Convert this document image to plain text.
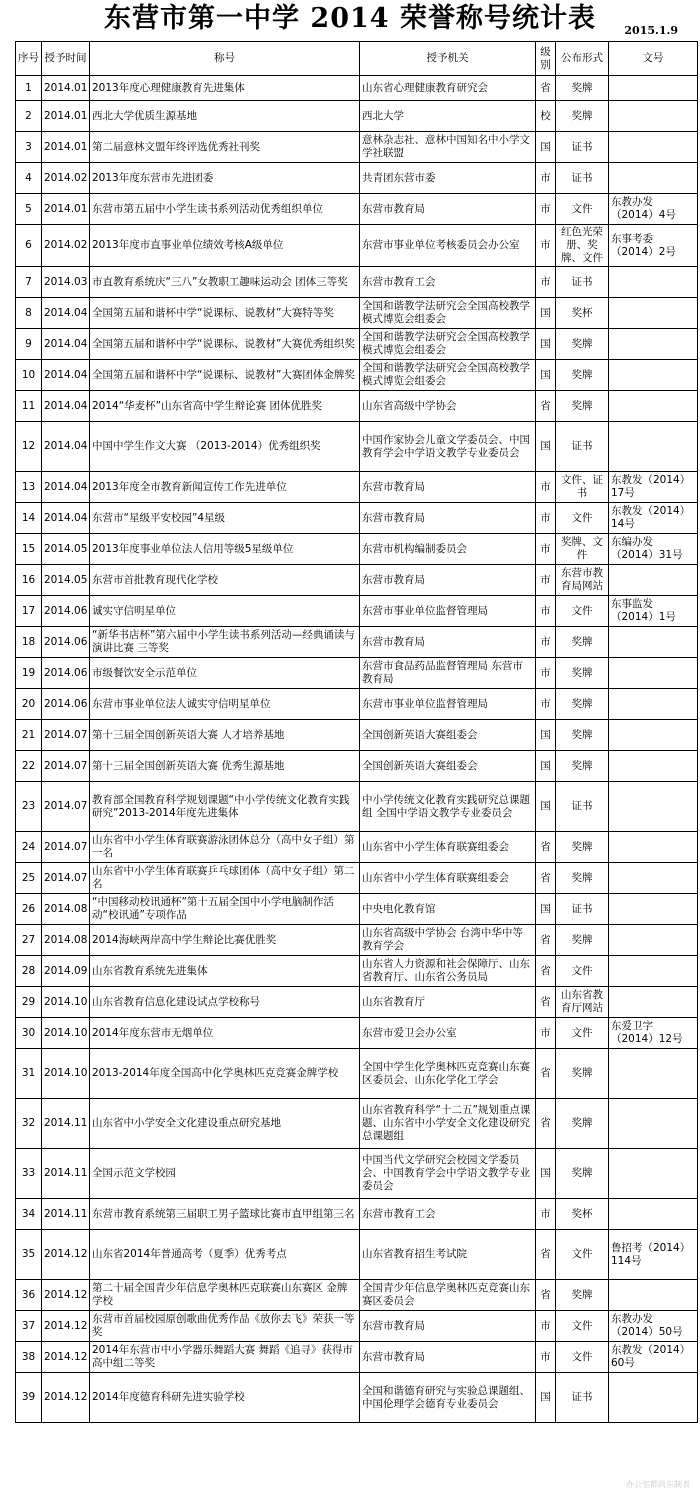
东营市第一中学 2014 荣誉称号统计表	2015.1.9
序号	授予时间	称号	授予机关	级别	公布形式	文号
1	2014.01	2013年度心理健康教育先进集体	山东省心理健康教育研究会	省	奖牌	
2	2014.01	西北大学优质生源基地	西北大学	校	奖牌	
3	2014.01	第二届意林文盟年终评选优秀社刊奖	意林杂志社、意林中国知名中小学文学社联盟	国	证书	
4	2014.02	2013年度东营市先进团委	共青团东营市委	市	证书	
5	2014.01	东营市第五届中小学生读书系列活动优秀组织单位	东营市教育局	市	文件	东教办发（2014）4号
6	2014.02	2013年度市直事业单位绩效考核A级单位	东营市事业单位考核委员会办公室	市	红色光荣册、奖牌、文件	东事考委（2014）2号
7	2014.03	市直教育系统庆“三八”女教职工趣味运动会 团体三等奖	东营市教育工会	市	证书	
8	2014.04	全国第五届和谐杯中学“说课标、说教材”大赛特等奖	全国和谐教学法研究会全国高校教学模式博览会组委会	国	奖杯	
9	2014.04	全国第五届和谐杯中学“说课标、说教材”大赛优秀组织奖	全国和谐教学法研究会全国高校教学模式博览会组委会	国	奖牌	
10	2014.04	全国第五届和谐杯中学“说课标、说教材”大赛团体金牌奖	全国和谐教学法研究会全国高校教学模式博览会组委会	国	奖牌	
11	2014.04	2014“华麦杯”山东省高中学生辩论赛 团体优胜奖	山东省高级中学协会	省	奖牌	
12	2014.04	中国中学生作文大赛 （2013-2014）优秀组织奖	中国作家协会儿童文学委员会、中国教育学会中学语文教学专业委员会	国	证书	
13	2014.04	2013年度全市教育新闻宣传工作先进单位	东营市教育局	市	文件、证书	东教发（2014）17号
14	2014.04	东营市“星级平安校园”4星级	东营市教育局	市	文件	东教发（2014）14号
15	2014.05	2013年度事业单位法人信用等级5星级单位	东营市机构编制委员会	市	奖牌、文件	东编办发（2014）31号
16	2014.05	东营市首批教育现代化学校	东营市教育局	市	东营市教育局网站	
17	2014.06	诚实守信明星单位	东营市事业单位监督管理局	市	文件	东事监发（2014）1号
18	2014.06	“新华书店杯”第六届中小学生读书系列活动—经典诵读与演讲比赛 三等奖	东营市教育局	市	奖牌	
19	2014.06	市级餐饮安全示范单位	东营市食品药品监督管理局 东营市教育局	市	奖牌	
20	2014.06	东营市事业单位法人诚实守信明星单位	东营市事业单位监督管理局	市	奖牌	
21	2014.07	第十三届全国创新英语大赛 人才培养基地	全国创新英语大赛组委会	国	奖牌	
22	2014.07	第十三届全国创新英语大赛 优秀生源基地	全国创新英语大赛组委会	国	奖牌	
23	2014.07	教育部全国教育科学规划课题“中小学传统文化教育实践研究”2013-2014年度先进集体	中小学传统文化教育实践研究总课题组 全国中学语文教学专业委员会	国	证书	
24	2014.07	山东省中小学生体育联赛游泳团体总分（高中女子组）第一名	山东省中小学生体育联赛组委会	省	奖牌	
25	2014.07	山东省中小学生体育联赛乒乓球团体（高中女子组）第二名	山东省中小学生体育联赛组委会	省	奖牌	
26	2014.08	“中国移动校讯通杯”第十五届全国中小学电脑制作活动“校讯通”专项作品	中央电化教育馆	国	证书	
27	2014.08	2014海峡两岸高中学生辩论比赛优胜奖	山东省高级中学协会 台湾中华中等教育学会	省	奖牌	
28	2014.09	山东省教育系统先进集体	山东省人力资源和社会保障厅、山东省教育厅、山东省公务员局	省	文件	
29	2014.10	山东省教育信息化建设试点学校称号	山东省教育厅	省	山东省教育厅网站	
30	2014.10	2014年度东营市无烟单位	东营市爱卫会办公室	市	文件	东爱卫字（2014）12号
31	2014.10	2013-2014年度全国高中化学奥林匹克竞赛金牌学校	全国中学生化学奥林匹克竞赛山东赛区委员会、山东化学化工学会	省	奖牌	
32	2014.11	山东省中小学安全文化建设重点研究基地	山东省教育科学“十二五”规划重点课题、山东省中小学安全文化建设研究总课题组	省	奖牌	
33	2014.11	全国示范文学校园	中国当代文学研究会校园文学委员会、中国教育学会中学语文教学专业委员会	国	奖牌	
34	2014.11	东营市教育系统第三届职工男子篮球比赛市直甲组第三名	东营市教育工会	市	奖杯	
35	2014.12	山东省2014年普通高考（夏季）优秀考点	山东省教育招生考试院	省	文件	鲁招考（2014）114号
36	2014.12	第二十届全国青少年信息学奥林匹克联赛山东赛区 金牌学校	全国青少年信息学奥林匹克竞赛山东赛区委员会	省	奖牌	
37	2014.12	东营市首届校园原创歌曲优秀作品《放你去飞》荣获一等奖	东营市教育局	市	文件	东教办发（2014）50号
38	2014.12	2014年东营市中小学器乐舞蹈大赛 舞蹈《追寻》获得市高中组二等奖	东营市教育局	市	文件	东教发（2014）60号
39	2014.12	2014年度德育科研先进实验学校	全国和谐德育研究与实验总课题组、中国伦理学会德育专业委员会	国	证书	
办公室都尚东制表
